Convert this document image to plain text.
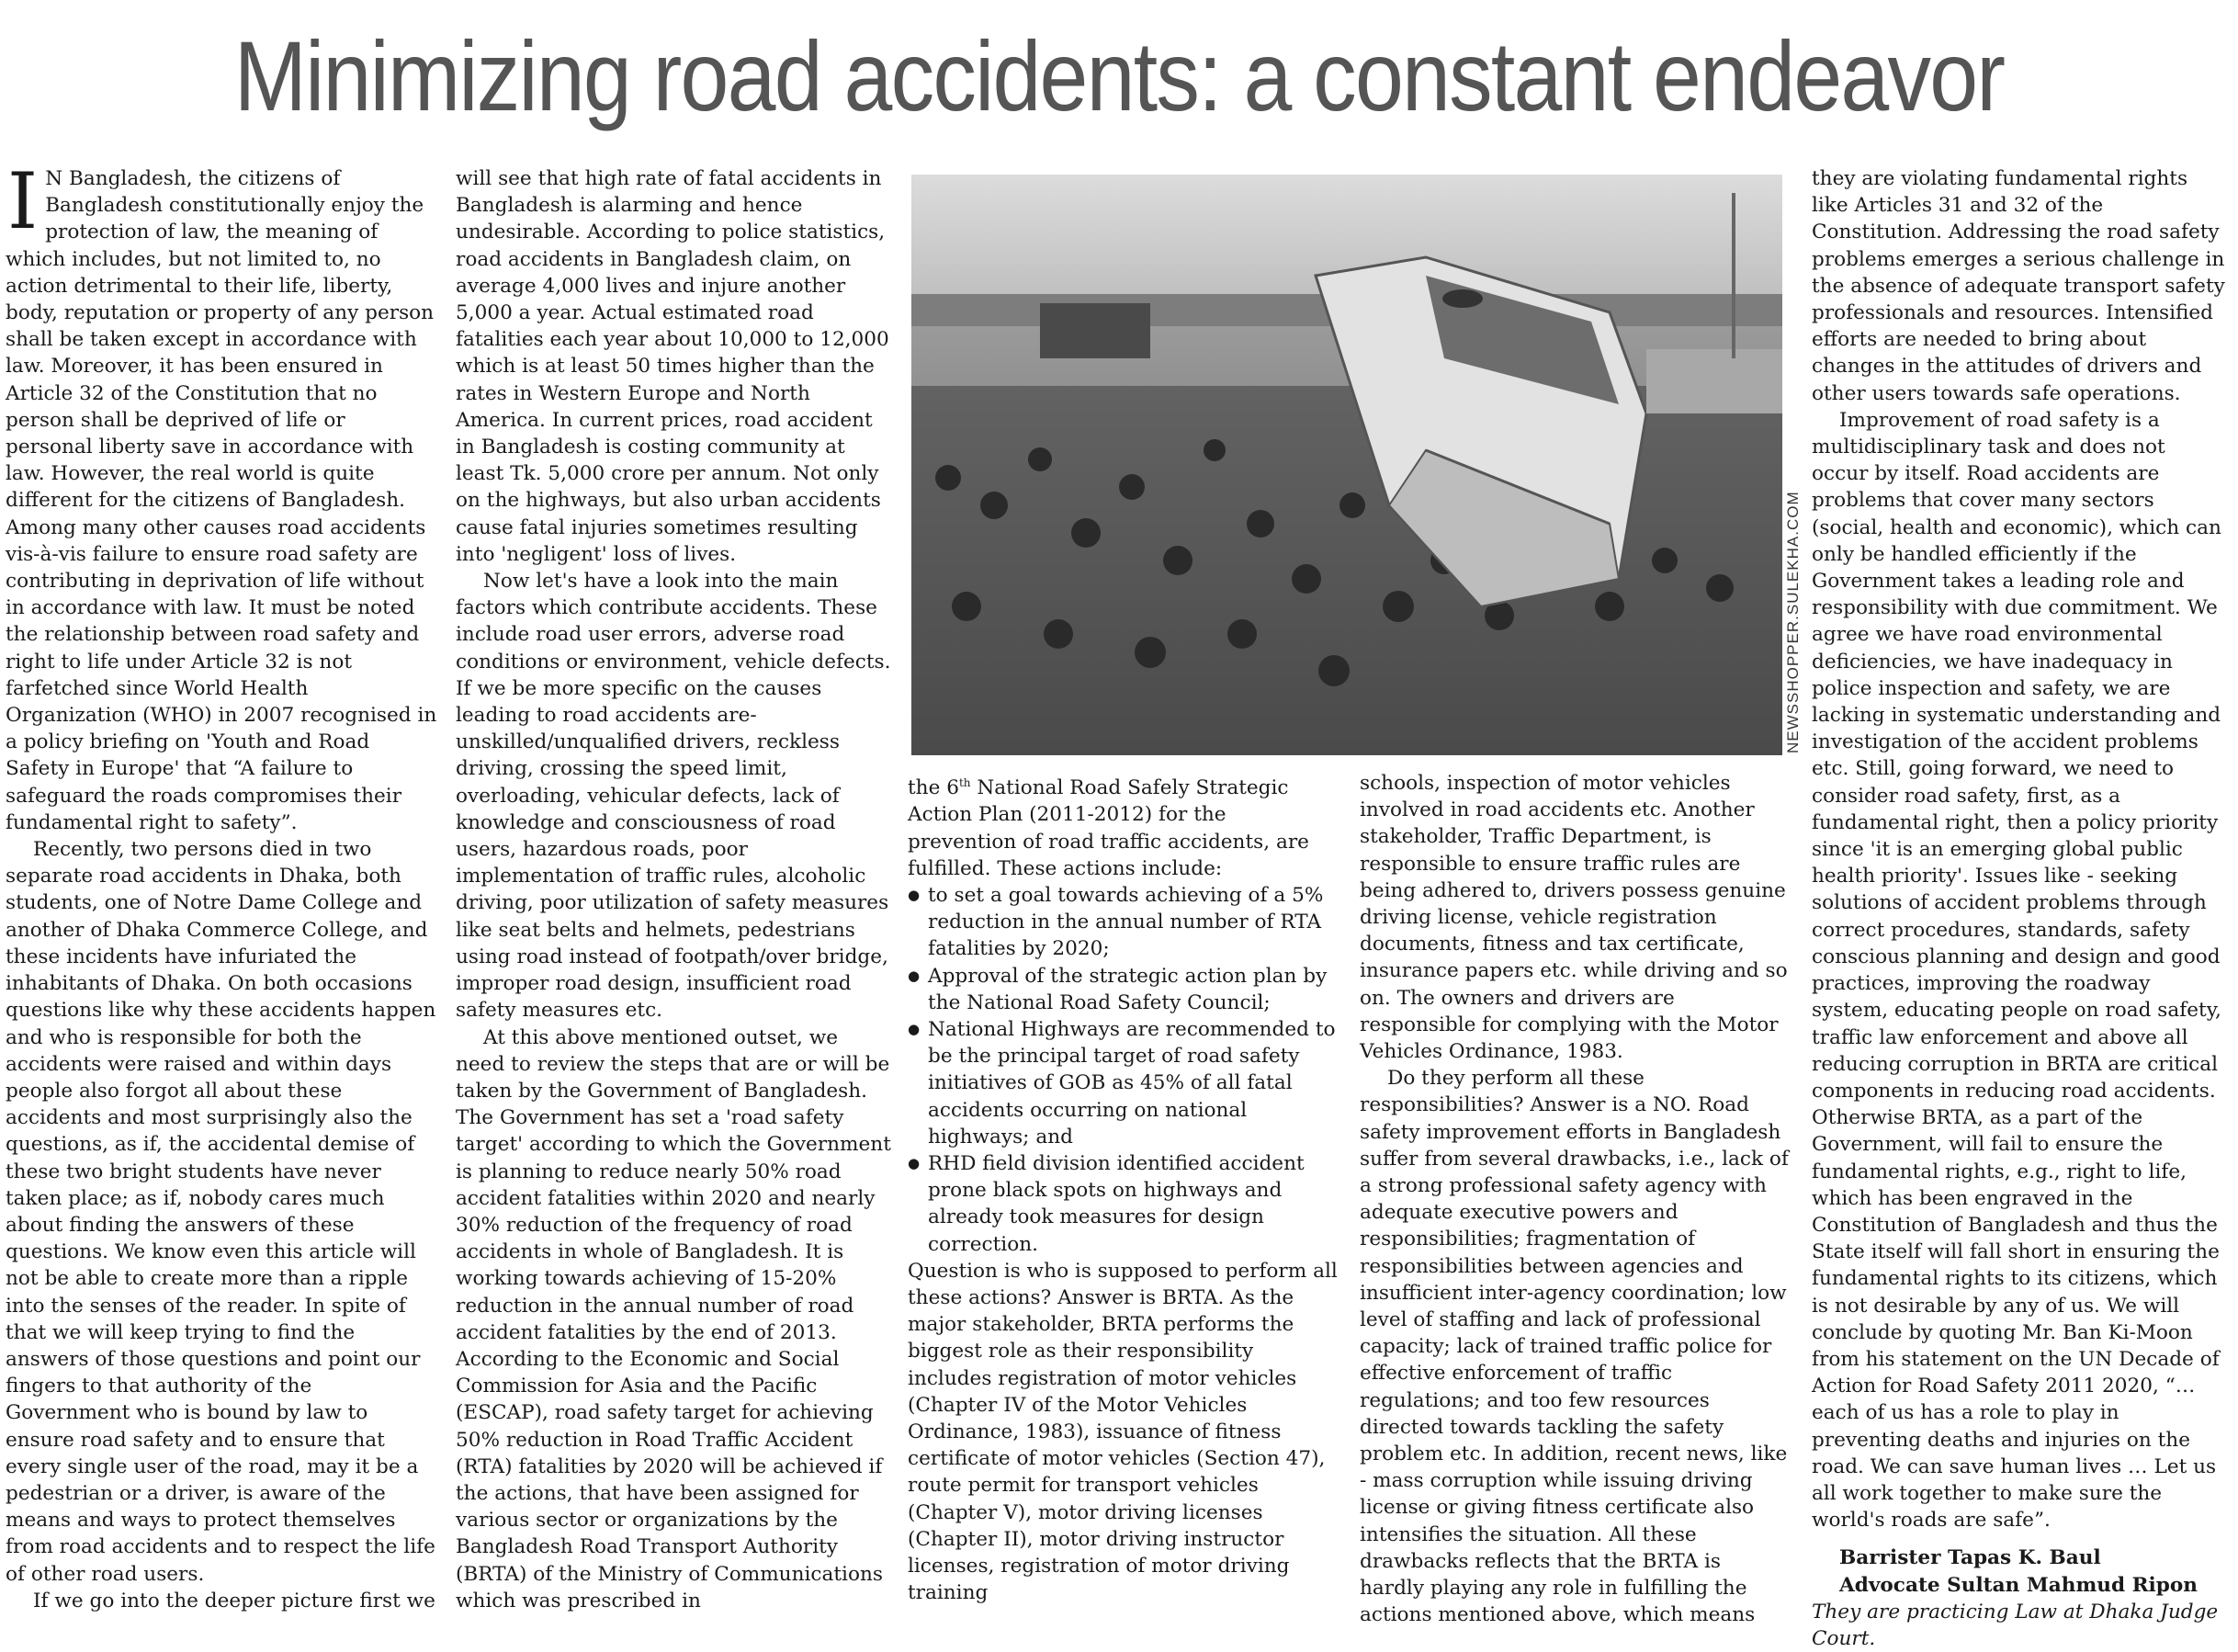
Minimizing road accidents: a constant endeavor

I N Bangladesh, the citizens of Bangladesh constitutionally enjoy the protection of law, the meaning of which includes, but not limited to, no action detrimental to their life, liberty, body, reputation or property of any person shall be taken except in accordance with law. Moreover, it has been ensured in Article 32 of the Constitution that no person shall be deprived of life or personal liberty save in accordance with law. However, the real world is quite different for the citizens of Bangladesh. Among many other causes road accidents vis-à-vis failure to ensure road safety are contributing in deprivation of life without in accordance with law. It must be noted the relationship between road safety and right to life under Article 32 is not farfetched since World Health Organization (WHO) in 2007 recognised in a policy briefing on 'Youth and Road Safety in Europe' that “A failure to safeguard the roads compromises their fundamental right to safety”.

Recently, two persons died in two separate road accidents in Dhaka, both students, one of Notre Dame College and another of Dhaka Commerce College, and these incidents have infuriated the inhabitants of Dhaka. On both occasions questions like why these accidents happen and who is responsible for both the accidents were raised and within days people also forgot all about these accidents and most surprisingly also the questions, as if, the accidental demise of these two bright students have never taken place; as if, nobody cares much about finding the answers of these questions. We know even this article will not be able to create more than a ripple into the senses of the reader. In spite of that we will keep trying to find the answers of those questions and point our fingers to that authority of the Government who is bound by law to ensure road safety and to ensure that every single user of the road, may it be a pedestrian or a driver, is aware of the means and ways to protect themselves from road accidents and to respect the life of other road users.

If we go into the deeper picture first we

will see that high rate of fatal accidents in Bangladesh is alarming and hence undesirable. According to police statistics, road accidents in Bangladesh claim, on average 4,000 lives and injure another 5,000 a year. Actual estimated road fatalities each year about 10,000 to 12,000 which is at least 50 times higher than the rates in Western Europe and North America. In current prices, road accident in Bangladesh is costing community at least Tk. 5,000 crore per annum. Not only on the highways, but also urban accidents cause fatal injuries sometimes resulting into 'negligent' loss of lives.

Now let's have a look into the main factors which contribute accidents. These include road user errors, adverse road conditions or environment, vehicle defects. If we be more specific on the causes leading to road accidents are- unskilled/unqualified drivers, reckless driving, crossing the speed limit, overloading, vehicular defects, lack of knowledge and consciousness of road users, hazardous roads, poor implementation of traffic rules, alcoholic driving, poor utilization of safety measures like seat belts and helmets, pedestrians using road instead of footpath/over bridge, improper road design, insufficient road safety measures etc.

At this above mentioned outset, we need to review the steps that are or will be taken by the Government of Bangladesh. The Government has set a 'road safety target' according to which the Government is planning to reduce nearly 50% road accident fatalities within 2020 and nearly 30% reduction of the frequency of road accidents in whole of Bangladesh. It is working towards achieving of 15-20% reduction in the annual number of road accident fatalities by the end of 2013. According to the Economic and Social Commission for Asia and the Pacific (ESCAP), road safety target for achieving 50% reduction in Road Traffic Accident (RTA) fatalities by 2020 will be achieved if the actions, that have been assigned for various sector or organizations by the Bangladesh Road Transport Authority (BRTA) of the Ministry of Communications which was prescribed in

NEWSSHOPPER.SULEKHA.COM

the 6th National Road Safely Strategic Action Plan (2011-2012) for the prevention of road traffic accidents, are fulfilled. These actions include:

● to set a goal towards achieving of a 5% reduction in the annual number of RTA fatalities by 2020;
● Approval of the strategic action plan by the National Road Safety Council;
● National Highways are recommended to be the principal target of road safety initiatives of GOB as 45% of all fatal accidents occurring on national highways; and
● RHD field division identified accident prone black spots on highways and already took measures for design correction.

Question is who is supposed to perform all these actions? Answer is BRTA. As the major stakeholder, BRTA performs the biggest role as their responsibility includes registration of motor vehicles (Chapter IV of the Motor Vehicles Ordinance, 1983), issuance of fitness certificate of motor vehicles (Section 47), route permit for transport vehicles (Chapter V), motor driving licenses (Chapter II), motor driving instructor licenses, registration of motor driving training

schools, inspection of motor vehicles involved in road accidents etc. Another stakeholder, Traffic Department, is responsible to ensure traffic rules are being adhered to, drivers possess genuine driving license, vehicle registration documents, fitness and tax certificate, insurance papers etc. while driving and so on. The owners and drivers are responsible for complying with the Motor Vehicles Ordinance, 1983.

Do they perform all these responsibilities? Answer is a NO. Road safety improvement efforts in Bangladesh suffer from several drawbacks, i.e., lack of a strong professional safety agency with adequate executive powers and responsibilities; fragmentation of responsibilities between agencies and insufficient inter-agency coordination; low level of staffing and lack of professional capacity; lack of trained traffic police for effective enforcement of traffic regulations; and too few resources directed towards tackling the safety problem etc. In addition, recent news, like - mass corruption while issuing driving license or giving fitness certificate also intensifies the situation. All these drawbacks reflects that the BRTA is hardly playing any role in fulfilling the actions mentioned above, which means

they are violating fundamental rights like Articles 31 and 32 of the Constitution. Addressing the road safety problems emerges a serious challenge in the absence of adequate transport safety professionals and resources. Intensified efforts are needed to bring about changes in the attitudes of drivers and other users towards safe operations.

Improvement of road safety is a multidisciplinary task and does not occur by itself. Road accidents are problems that cover many sectors (social, health and economic), which can only be handled efficiently if the Government takes a leading role and responsibility with due commitment. We agree we have road environmental deficiencies, we have inadequacy in police inspection and safety, we are lacking in systematic understanding and investigation of the accident problems etc. Still, going forward, we need to consider road safety, first, as a fundamental right, then a policy priority since 'it is an emerging global public health priority'. Issues like - seeking solutions of accident problems through correct procedures, standards, safety conscious planning and design and good practices, improving the roadway system, educating people on road safety, traffic law enforcement and above all reducing corruption in BRTA are critical components in reducing road accidents. Otherwise BRTA, as a part of the Government, will fail to ensure the fundamental rights, e.g., right to life, which has been engraved in the Constitution of Bangladesh and thus the State itself will fall short in ensuring the fundamental rights to its citizens, which is not desirable by any of us. We will conclude by quoting Mr. Ban Ki-Moon from his statement on the UN Decade of Action for Road Safety 2011 2020, “…each of us has a role to play in preventing deaths and injuries on the road. We can save human lives … Let us all work together to make sure the world's roads are safe”.

Barrister Tapas K. Baul

Advocate Sultan Mahmud Ripon

They are practicing Law at Dhaka Judge Court.
